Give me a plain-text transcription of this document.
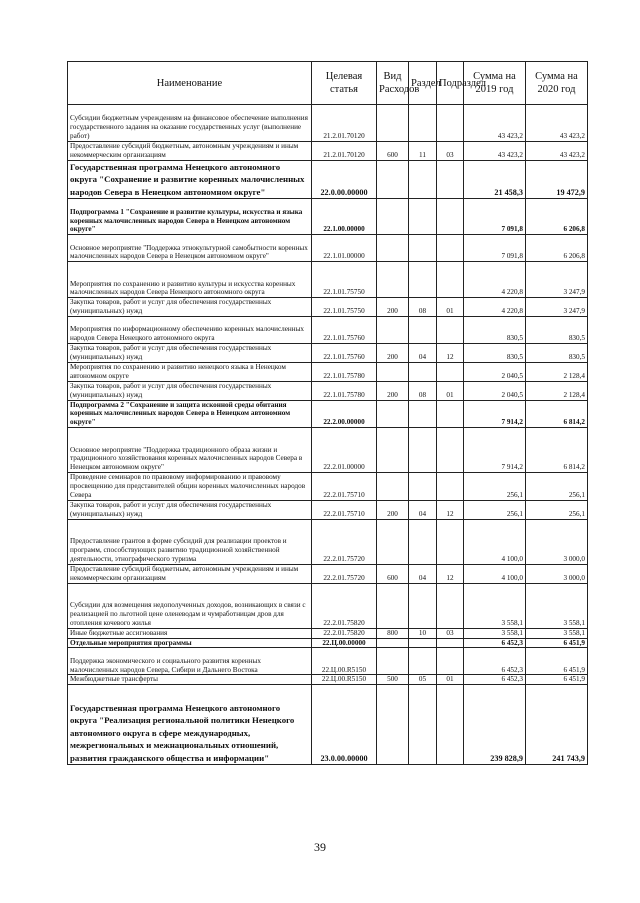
Наименование	Целевая статья	Вид Расходов	Раздел	Подраздел	Сумма на 2019 год	Сумма на 2020 год
Субсидии бюджетным учреждениям на финансовое обеспечение выполнения государственного задания на оказание государственных услуг (выполнение работ)	21.2.01.70120				43 423,2	43 423,2
Предоставление субсидий бюджетным, автономным учреждениям и иным некоммерческим организациям	21.2.01.70120	600	11	03	43 423,2	43 423,2
Государственная программа Ненецкого автономного округа "Сохранение и развитие коренных малочисленных народов Севера в Ненецком автономном округе"	22.0.00.00000				21 458,3	19 472,9
Подпрограмма 1 "Сохранение и развитие культуры, искусства и языка коренных малочисленных народов Севера в Ненецком автономном округе"	22.1.00.00000				7 091,8	6 206,8
Основное мероприятие "Поддержка этнокультурной самобытности коренных малочисленных народов Севера в Ненецком автономном округе"	22.1.01.00000				7 091,8	6 206,8
Мероприятия по сохранению и развитию культуры и искусства коренных малочисленных народов Севера Ненецкого автономного округа	22.1.01.75750				4 220,8	3 247,9
Закупка товаров, работ и услуг для обеспечения государственных (муниципальных) нужд	22.1.01.75750	200	08	01	4 220,8	3 247,9
Мероприятия по информационному обеспечению коренных малочисленных народов Севера Ненецкого автономного округа	22.1.01.75760				830,5	830,5
Закупка товаров, работ и услуг для обеспечения государственных (муниципальных) нужд	22.1.01.75760	200	04	12	830,5	830,5
Мероприятия по сохранению и развитию ненецкого языка в Ненецком автономном округе	22.1.01.75780				2 040,5	2 128,4
Закупка товаров, работ и услуг для обеспечения государственных (муниципальных) нужд	22.1.01.75780	200	08	01	2 040,5	2 128,4
Подпрограмма 2 "Сохранение и защита исконной среды обитания коренных малочисленных народов Севера в Ненецком автономном округе"	22.2.00.00000				7 914,2	6 814,2
Основное мероприятие "Поддержка традиционного образа жизни и традиционного хозяйствования коренных малочисленных народов Севера в Ненецком автономном округе"	22.2.01.00000				7 914,2	6 814,2
Проведение семинаров по правовому информированию и правовому просвещению для представителей общин коренных малочисленных народов Севера	22.2.01.75710				256,1	256,1
Закупка товаров, работ и услуг для обеспечения государственных (муниципальных) нужд	22.2.01.75710	200	04	12	256,1	256,1
Предоставление грантов в форме субсидий для реализации проектов и программ, способствующих развитию традиционной хозяйственной деятельности, этнографического туризма	22.2.01.75720				4 100,0	3 000,0
Предоставление субсидий бюджетным, автономным учреждениям и иным некоммерческим организациям	22.2.01.75720	600	04	12	4 100,0	3 000,0
Субсидии для возмещения недополученных доходов, возникающих в связи с реализацией по льготной цене оленеводам и чумработницам дров для отопления кочевого жилья	22.2.01.75820				3 558,1	3 558,1
Иные бюджетные ассигнования	22.2.01.75820	800	10	03	3 558,1	3 558,1
Отдельные мероприятия программы	22.Ц.00.00000				6 452,3	6 451,9
Поддержка экономического и социального развития коренных малочисленных народов Севера, Сибири и Дальнего Востока	22.Ц.00.R5150				6 452,3	6 451,9
Межбюджетные трансферты	22.Ц.00.R5150	500	05	01	6 452,3	6 451,9
Государственная программа Ненецкого автономного округа "Реализация региональной политики Ненецкого автономного округа в сфере международных, межрегиональных и межнациональных отношений, развития гражданского общества и информации"	23.0.00.00000				239 828,9	241 743,9
39
